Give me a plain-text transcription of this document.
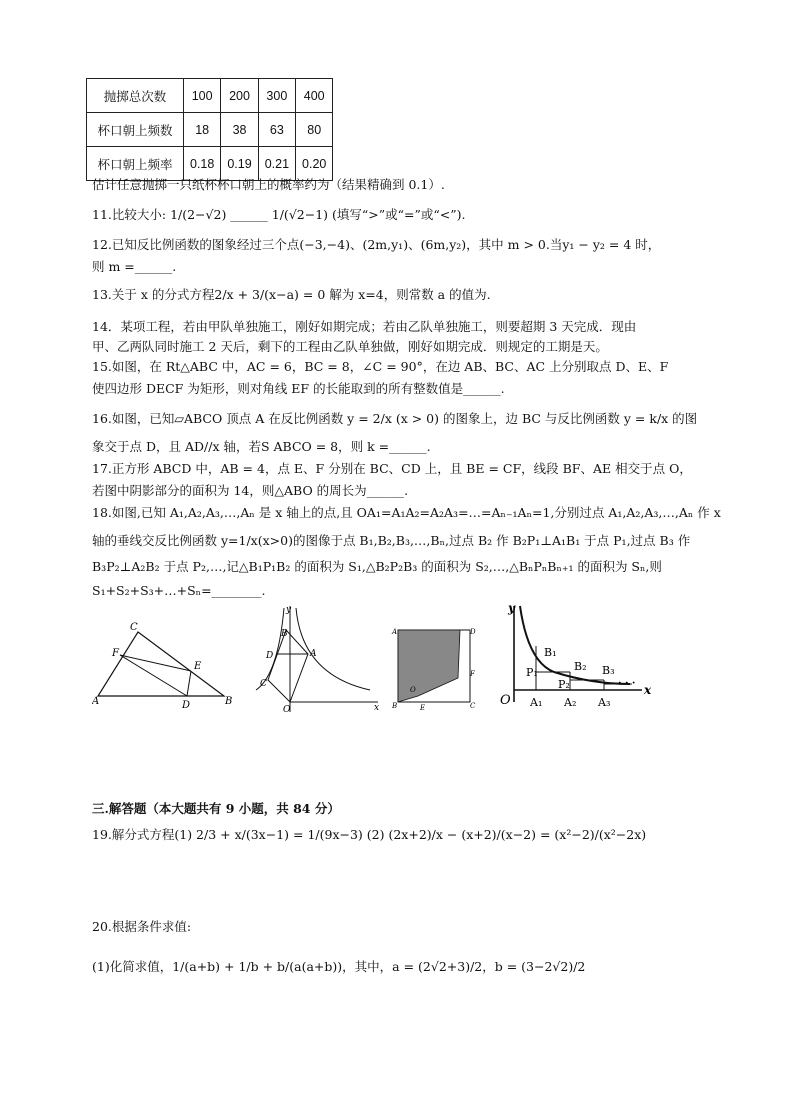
抛掷总次数	100	200	300	400
杯口朝上频数	18	38	63	80
杯口朝上频率	0.18	0.19	0.21	0.20
估计任意抛掷一只纸杯杯口朝上的概率约为（结果精确到 0.1）.
11.比较大小: 1/(2−√2) ______ 1/(√2−1) (填写“>”或“=”或“<”).
12.已知反比例函数的图象经过三个点(−3,−4)、(2m,y₁)、(6m,y₂)，其中 m > 0.当y₁ − y₂ = 4 时，
则 m =______.
13.关于 x 的分式方程2/x + 3/(x−a) = 0 解为 x=4，则常数 a 的值为.
14．某项工程，若由甲队单独施工，刚好如期完成；若由乙队单独施工，则要超期 3 天完成．现由
甲、乙两队同时施工 2 天后，剩下的工程由乙队单独做，刚好如期完成．则规定的工期是天。
15.如图，在 Rt△ABC 中，AC = 6，BC = 8，∠C = 90°，在边 AB、BC、AC 上分别取点 D、E、F
使四边形 DECF 为矩形，则对角线 EF 的长能取到的所有整数值是______.
16.如图，已知▱ABCO 顶点 A 在反比例函数 y = 2/x (x > 0) 的图象上，边 BC 与反比例函数 y = k/x 的图
象交于点 D，且 AD//x 轴，若S ABCO = 8，则 k =______.
17.正方形 ABCD 中，AB = 4，点 E、F 分别在 BC、CD 上，且 BE = CF，线段 BF、AE 相交于点 O，
若图中阴影部分的面积为 14，则△ABO 的周长为______.
18.如图,已知 A₁,A₂,A₃,…,Aₙ 是 x 轴上的点,且 OA₁=A₁A₂=A₂A₃=…=Aₙ₋₁Aₙ=1,分别过点 A₁,A₂,A₃,…,Aₙ 作 x
轴的垂线交反比例函数 y=1/x(x>0)的图像于点 B₁,B₂,B₃,…,Bₙ,过点 B₂ 作 B₂P₁⊥A₁B₁ 于点 P₁,过点 B₃ 作
B₃P₂⊥A₂B₂ 于点 P₂,…,记△B₁P₁B₂ 的面积为 S₁,△B₂P₂B₃ 的面积为 S₂,…,△BₙPₙBₙ₊₁ 的面积为 Sₙ,则
S₁+S₂+S₃+…+Sₙ=________.
A	B
C
D
E
F
y
x
O
A
B
C
D
A
B	C
D
E
F
O
y
x
O
B₁
B₂ B₃
P₁
P₂
A₁ A₂ A₃
· · ·
三.解答题（本大题共有 9 小题，共 84 分）
19.解分式方程(1) 2/3 + x/(3x−1) = 1/(9x−3) (2) (2x+2)/x − (x+2)/(x−2) = (x²−2)/(x²−2x)
20.根据条件求值:
(1)化简求值，1/(a+b) + 1/b + b/(a(a+b))，其中，a = (2√2+3)/2，b = (3−2√2)/2
